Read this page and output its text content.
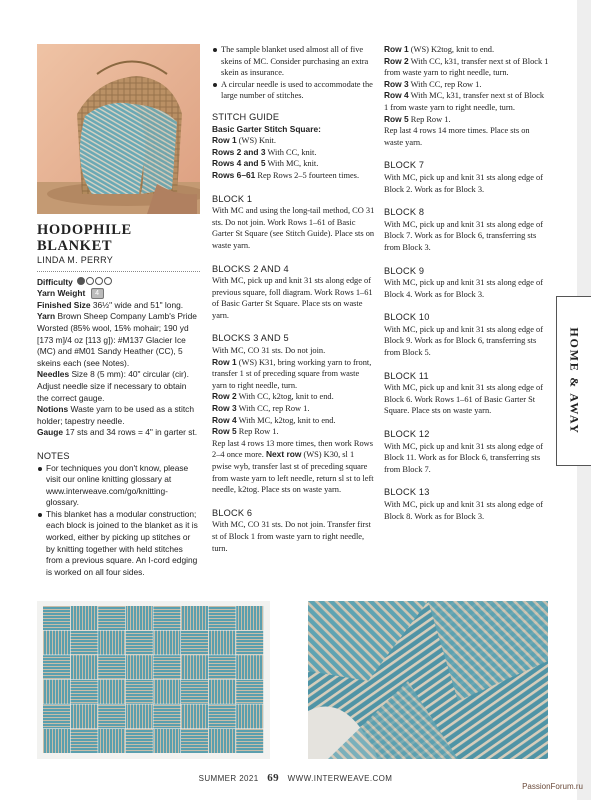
HODOPHILE BLANKET
LINDA M. PERRY

Difficulty

Yarn Weight 4

Finished Size 36½" wide and 51" long.

Yarn Brown Sheep Company Lamb's Pride Worsted (85% wool, 15% mohair; 190 yd [173 m]/4 oz [113 g]): #M137 Glacier Ice (MC) and #M01 Sandy Heather (CC), 5 skeins each (see Notes).

Needles Size 8 (5 mm): 40" circular (cir). Adjust needle size if necessary to obtain the correct gauge.

Notions Waste yarn to be used as a stitch holder; tapestry needle.

Gauge 17 sts and 34 rows = 4" in garter st.

NOTES

For techniques you don't know, please visit our online knitting glossary at www.interweave.com/go/knitting-glossary.

This blanket has a modular construction; each block is joined to the blanket as it is worked, either by picking up stitches or by knitting together with held stitches from a previous square. An I-cord edging is worked on all four sides.

The sample blanket used almost all of five skeins of MC. Consider purchasing an extra skein as insurance.

A circular needle is used to accommodate the large number of stitches.

STITCH GUIDE

Basic Garter Stitch Square:

Row 1 (WS) Knit.

Rows 2 and 3 With CC, knit.

Rows 4 and 5 With MC, knit.

Rows 6–61 Rep Rows 2–5 fourteen times.

BLOCK 1

With MC and using the long-tail method, CO 31 sts. Do not join. Work Rows 1–61 of Basic Garter St Square (see Stitch Guide). Place sts on waste yarn.

BLOCKS 2 AND 4

With MC, pick up and knit 31 sts along edge of previous square, foll diagram. Work Rows 1–61 of Basic Garter St Square. Place sts on waste yarn.

BLOCKS 3 AND 5

With MC, CO 31 sts. Do not join.

Row 1 (WS) K31, bring working yarn to front, transfer 1 st of preceding square from waste yarn to right needle, turn.

Row 2 With CC, k2tog, knit to end.

Row 3 With CC, rep Row 1.

Row 4 With MC, k2tog, knit to end.

Row 5 Rep Row 1.

Rep last 4 rows 13 more times, then work Rows 2–4 once more. Next row (WS) K30, sl 1 pwise wyb, transfer last st of preceding square from waste yarn to left needle, return sl st to left needle, k2tog. Place sts on waste yarn.

BLOCK 6

With MC, CO 31 sts. Do not join. Transfer first st of Block 1 from waste yarn to right needle, turn.

Row 1 (WS) K2tog, knit to end.

Row 2 With CC, k31, transfer next st of Block 1 from waste yarn to right needle, turn.

Row 3 With CC, rep Row 1.

Row 4 With MC, k31, transfer next st of Block 1 from waste yarn to right needle, turn.

Row 5 Rep Row 1.

Rep last 4 rows 14 more times. Place sts on waste yarn.

BLOCK 7

With MC, pick up and knit 31 sts along edge of Block 2. Work as for Block 3.

BLOCK 8

With MC, pick up and knit 31 sts along edge of Block 7. Work as for Block 6, transferring sts from Block 3.

BLOCK 9

With MC, pick up and knit 31 sts along edge of Block 4. Work as for Block 3.

BLOCK 10

With MC, pick up and knit 31 sts along edge of Block 9. Work as for Block 6, transferring sts from Block 5.

BLOCK 11

With MC, pick up and knit 31 sts along edge of Block 6. Work Rows 1–61 of Basic Garter St Square. Place sts on waste yarn.

BLOCK 12

With MC, pick up and knit 31 sts along edge of Block 11. Work as for Block 6, transferring sts from Block 7.

BLOCK 13

With MC, pick up and knit 31 sts along edge of Block 8. Work as for Block 3.

HOME & AWAY
SUMMER 2021 69 WWW.INTERWEAVE.COM
PassionForum.ru
